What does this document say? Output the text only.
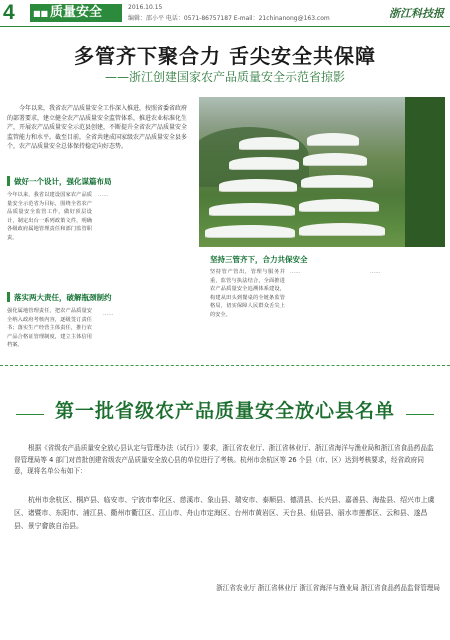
4 ■■ 质量安全	2016.10.15
编辑：邵小平 电话：0571-86757187 E-mail：21chinanong@163.com	浙江科技报
多管齐下聚合力 舌尖安全共保障
——浙江创建国家农产品质量安全示范省掠影
今年以来，我省农产品质量安全工作深入推进，按照省委省政府的部署要求，建立健全农产品质量安全监管体系，推进农业标准化生产，开展农产品质量安全示范县创建，不断提升全省农产品质量安全监管能力和水平。截至目前，全省共建成国家级农产品质量安全县多个，农产品质量安全总体保持稳定向好态势。
做好一个设计，强化谋篇布局
今年以来，我省以建设国家农产品质量安全示范省为目标，围绕全省农产品质量安全监管工作，做好顶层设计，制定出台一系列政策文件，明确各级政府属地管理责任和部门监管职责。
……
落实两大责任，破解瓶颈制约
强化属地管理责任，把农产品质量安全纳入政府考核内容，逐级签订责任书；落实生产经营主体责任，推行农产品合格证管理制度，建立主体信用档案。
……
坚持三管齐下，合力共保安全
坚持管产管出，管理与服务并重，监管与执法结合，全面推进农产品质量安全追溯体系建设，构建从田头到餐桌的全链条监管格局，切实保障人民群众舌尖上的安全。
……	……
第一批省级农产品质量安全放心县名单
根据《省级农产品质量安全放心县认定与管理办法（试行）》要求，浙江省农业厅、浙江省林业厅、浙江省海洋与渔业局和浙江省食品药品监督管理局等 4 部门对首批创建省级农产品质量安全放心县的单位进行了考核。杭州市余杭区等 26 个县（市、区）达到考核要求，经省政府同意，现将名单公布如下：
杭州市余杭区、桐庐县、临安市、宁波市奉化区、慈溪市、象山县、瑞安市、泰顺县、德清县、长兴县、嘉善县、海盐县、绍兴市上虞区、诸暨市、东阳市、浦江县、衢州市衢江区、江山市、舟山市定海区、台州市黄岩区、天台县、仙居县、丽水市莲都区、云和县、遂昌县、景宁畲族自治县。
浙江省农业厅 浙江省林业厅 浙江省海洋与渔业局 浙江省食品药品监督管理局
